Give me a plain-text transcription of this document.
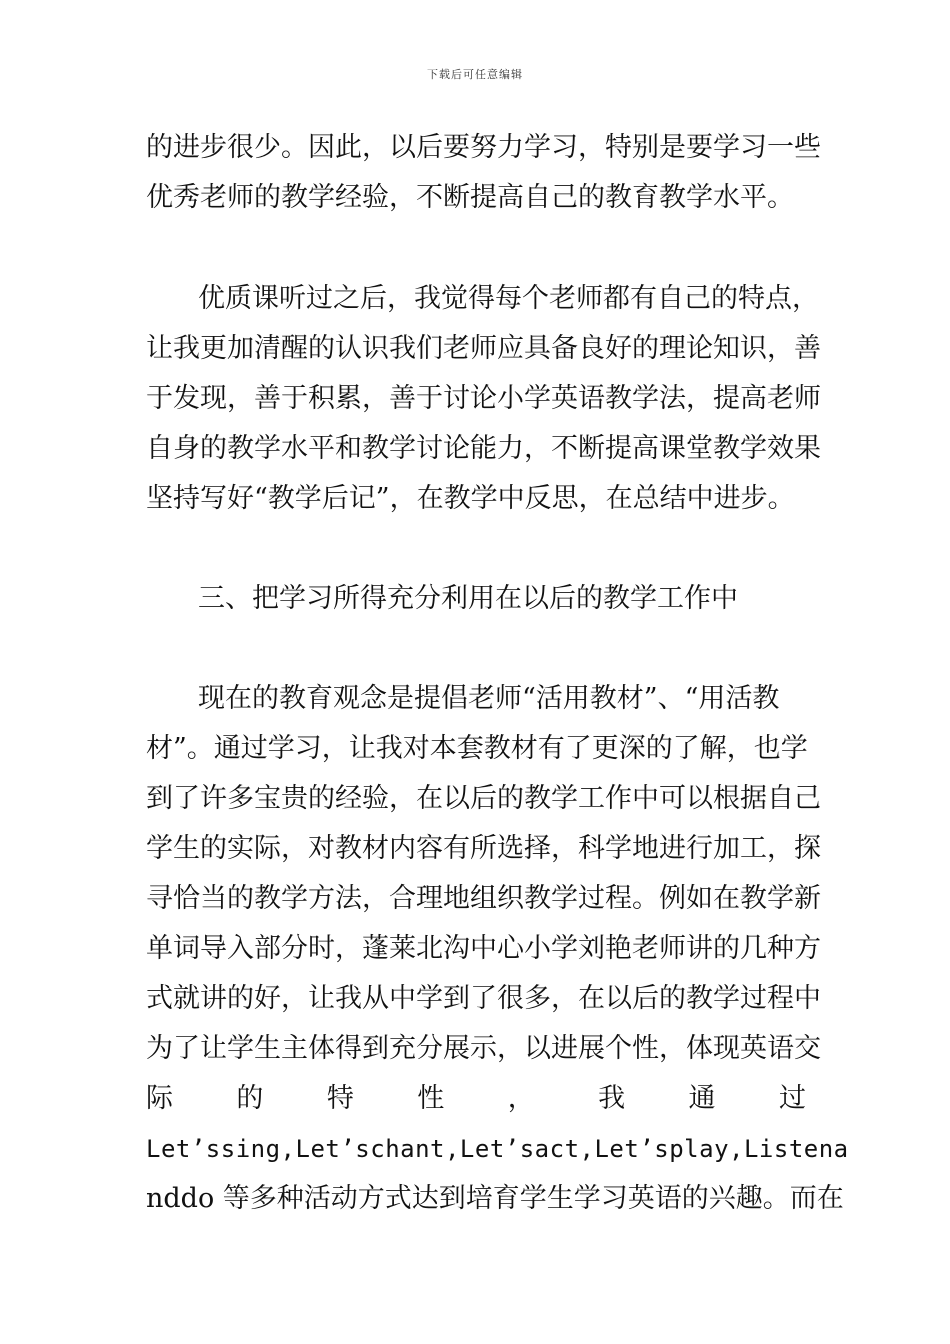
下载后可任意编辑
的进步很少。因此，以后要努力学习，特别是要学习一些
优秀老师的教学经验，不断提高自己的教育教学水平。
优质课听过之后，我觉得每个老师都有自己的特点，
让我更加清醒的认识我们老师应具备良好的理论知识，善
于发现，善于积累，善于讨论小学英语教学法，提高老师
自身的教学水平和教学讨论能力，不断提高课堂教学效果
坚持写好“教学后记”，在教学中反思，在总结中进步。
三、把学习所得充分利用在以后的教学工作中
现在的教育观念是提倡老师“活用教材”、“用活教
材”。通过学习，让我对本套教材有了更深的了解，也学
到了许多宝贵的经验，在以后的教学工作中可以根据自己
学生的实际，对教材内容有所选择，科学地进行加工，探
寻恰当的教学方法，合理地组织教学过程。例如在教学新
单词导入部分时，蓬莱北沟中心小学刘艳老师讲的几种方
式就讲的好，让我从中学到了很多，在以后的教学过程中
为了让学生主体得到充分展示，以进展个性，体现英语交
际 的 特 性 ， 我 通 过
Let’ssing,Let’schant,Let’sact,Let’splay,Listena
nddo 等多种活动方式达到培育学生学习英语的兴趣。而在
